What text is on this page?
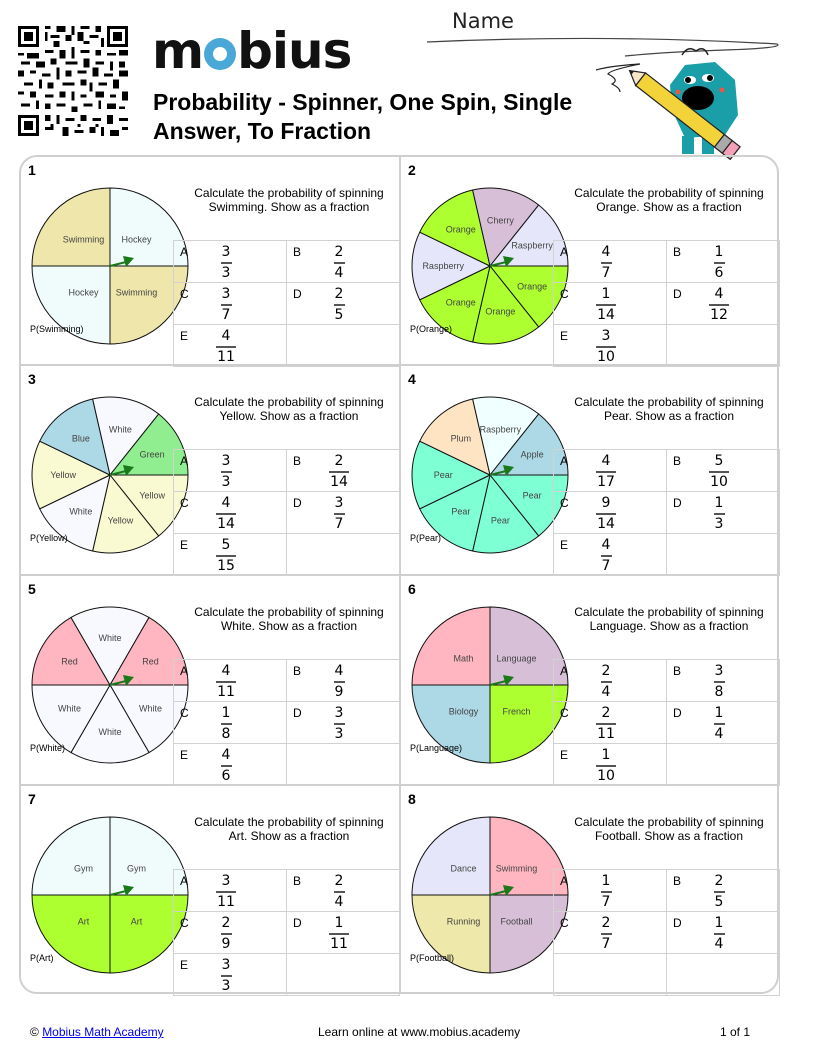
m bius
Probability - Spinner, One Spin, Single Answer, To Fraction
Name
1
Swimming
Hockey
Swimming Hockey
P(Swimming)
Calculate the probability of spinning Swimming. Show as a fraction
A 3
3	B 2
4

C 3
7	D 2
5

E 4
11	

2
Orange
Orange
Orange
Raspberry
Orange
Cherry
Raspberry
P(Orange)
Calculate the probability of spinning Orange. Show as a fraction
A 4
7	B 1
6

C 1
14	D 4
12

E 3
10	

3
Yellow
Yellow
White
Yellow
Blue
White
Green
P(Yellow)
Calculate the probability of spinning Yellow. Show as a fraction
A 3
3	B 2
14

C 4
14	D 3
7

E 5
15	

4
Pear
Pear
Pear
Pear
Plum
Raspberry
Apple
P(Pear)
Calculate the probability of spinning Pear. Show as a fraction
A 4
17	B 5
10

C 9
14	D 1
3

E 4
7	

5
White
White
White
Red
White
Red
P(White)
Calculate the probability of spinning White. Show as a fraction
A 4
11	B 4
9

C 1
8	D 3
3

E 4
6	

6
French
Biology
Math	Language
P(Language)
Calculate the probability of spinning Language. Show as a fraction
A 2
4	B 3
8

C 2
11	D 1
4

E 1
10	

7
Art
Art
Gym	Gym
P(Art)
Calculate the probability of spinning Art. Show as a fraction
A 3
11	B 2
4

C 2
9	D 1
11

E 3
3	

8
Football
Running
Dance Swimming
P(Football)
Calculate the probability of spinning Football. Show as a fraction
A 1
7	B 2
5

C 2
7	D 1
4

© Mobius Math Academy	Learn online at www.mobius.academy	1 of 1
